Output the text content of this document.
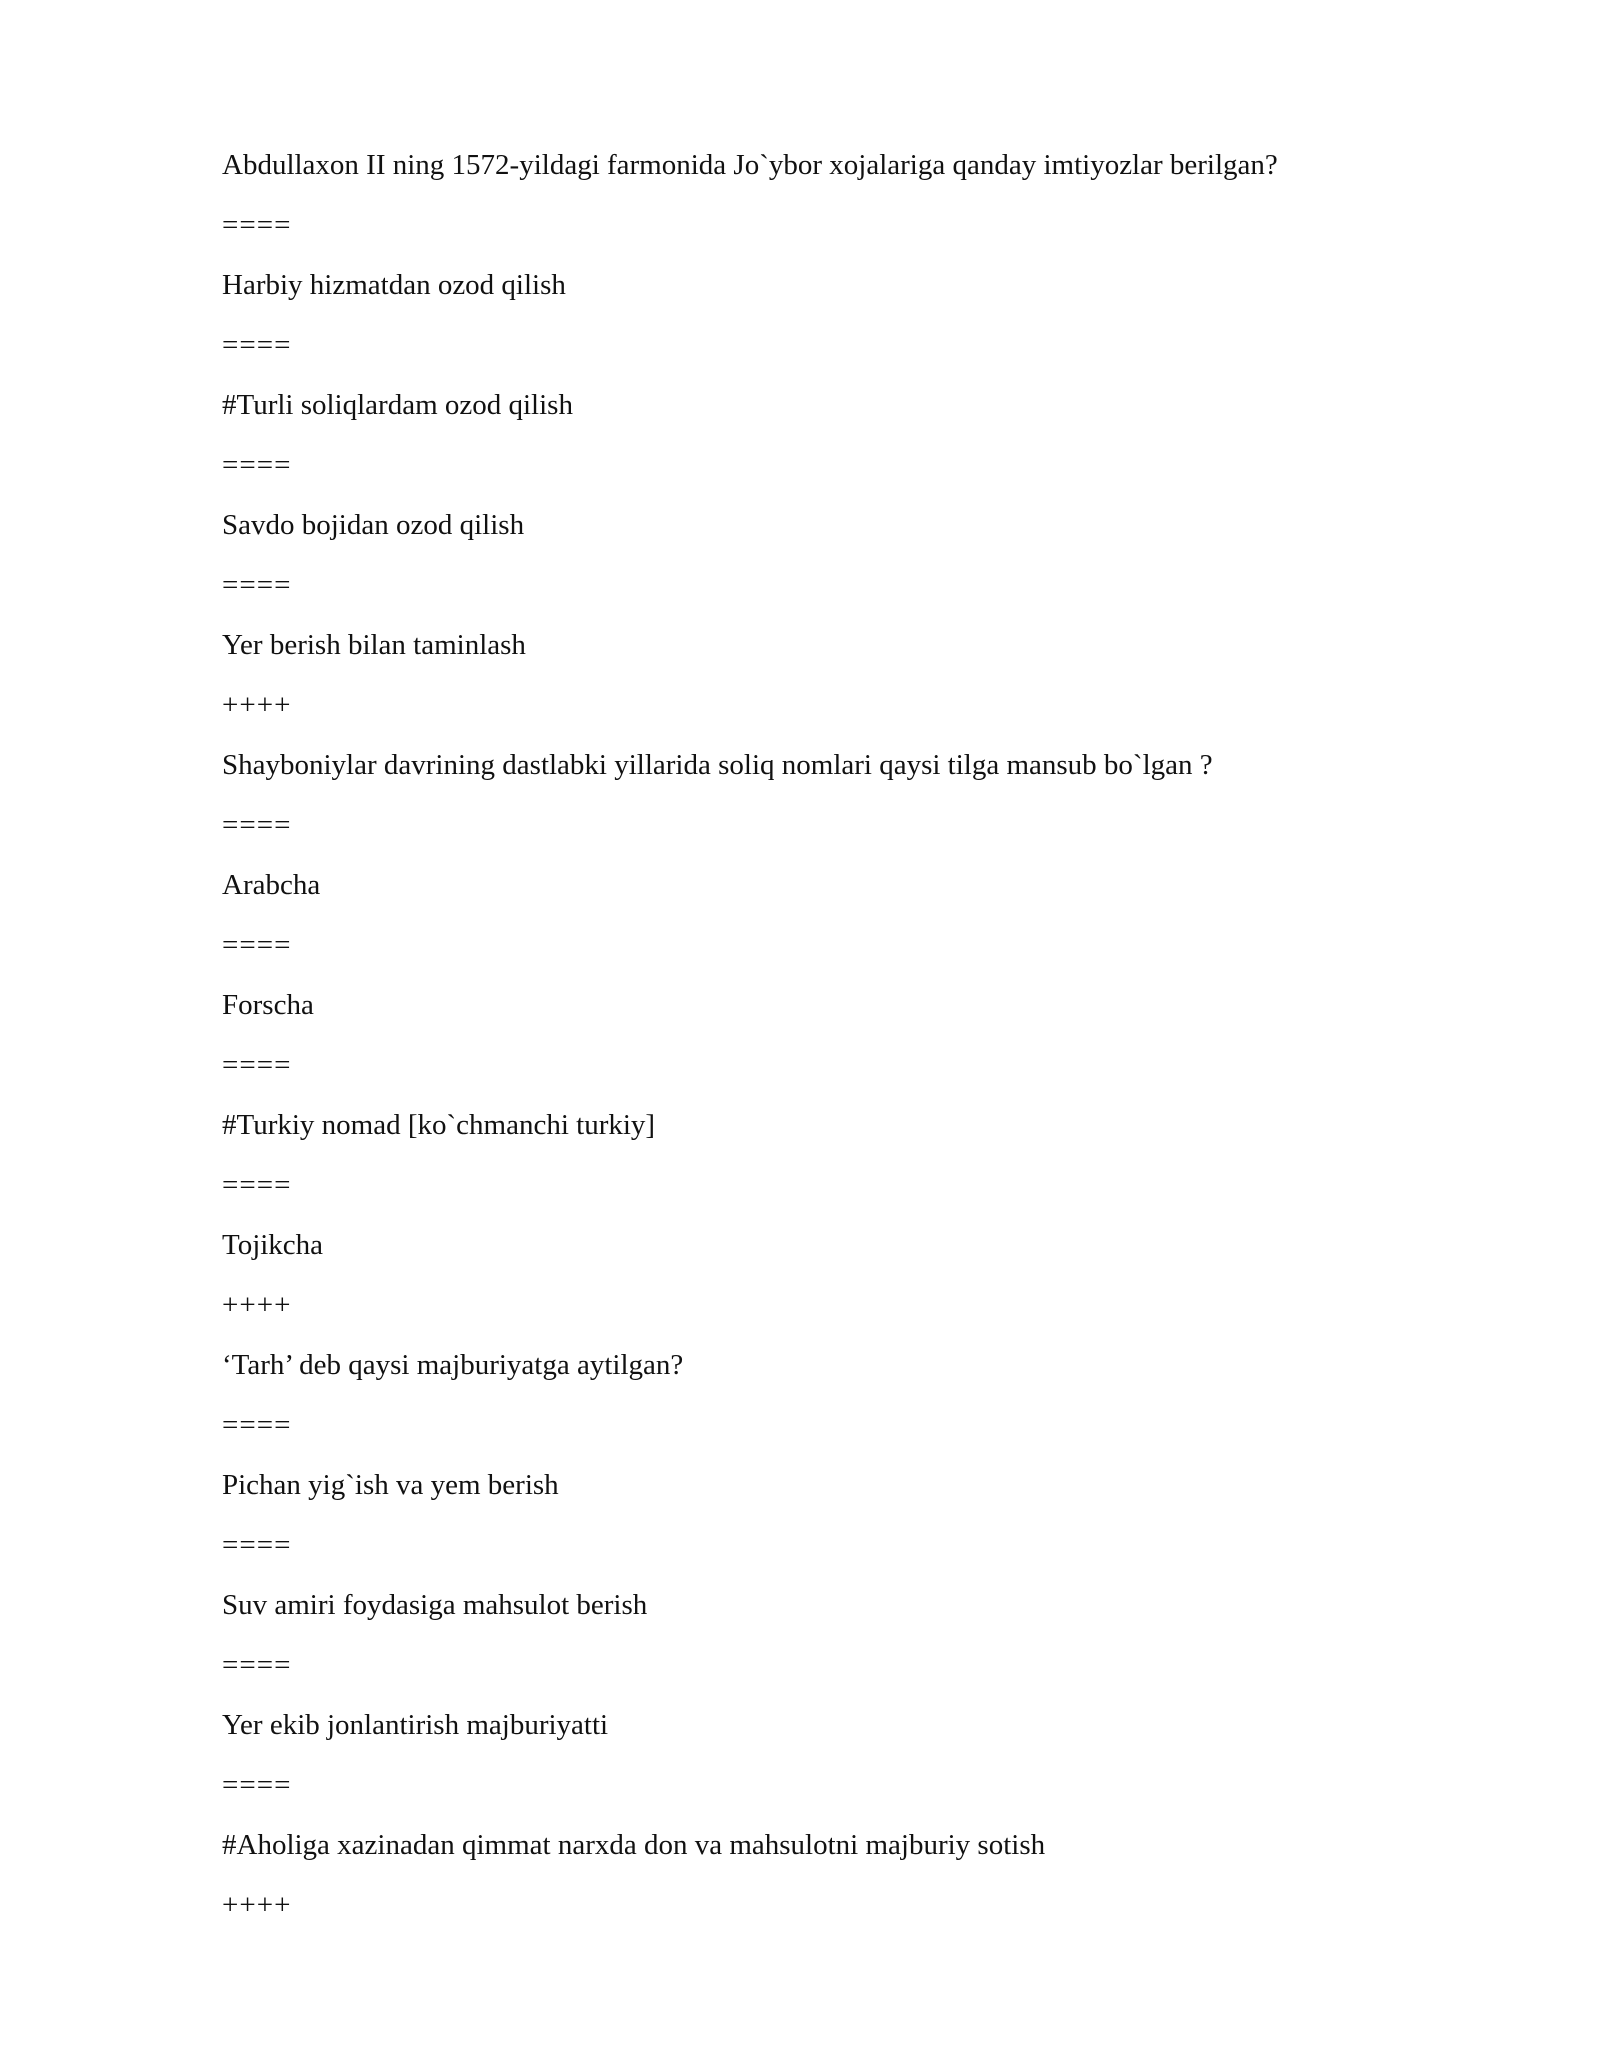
Abdullaxon II ning 1572-yildagi farmonida Jo`ybor xojalariga qanday imtiyozlar berilgan?
====
Harbiy hizmatdan ozod qilish
====
#Turli soliqlardam ozod qilish
====
Savdo bojidan ozod qilish
====
Yer berish bilan taminlash
++++
Shayboniylar davrining dastlabki yillarida soliq nomlari qaysi tilga mansub bo`lgan ?
====
Arabcha
====
Forscha
====
#Turkiy nomad [ko`chmanchi turkiy]
====
Tojikcha
++++
‘Tarh’ deb qaysi majburiyatga aytilgan?
====
Pichan yig`ish va yem berish
====
Suv amiri foydasiga mahsulot berish
====
Yer ekib jonlantirish majburiyatti
====
#Aholiga xazinadan qimmat narxda don va mahsulotni majburiy sotish
++++
